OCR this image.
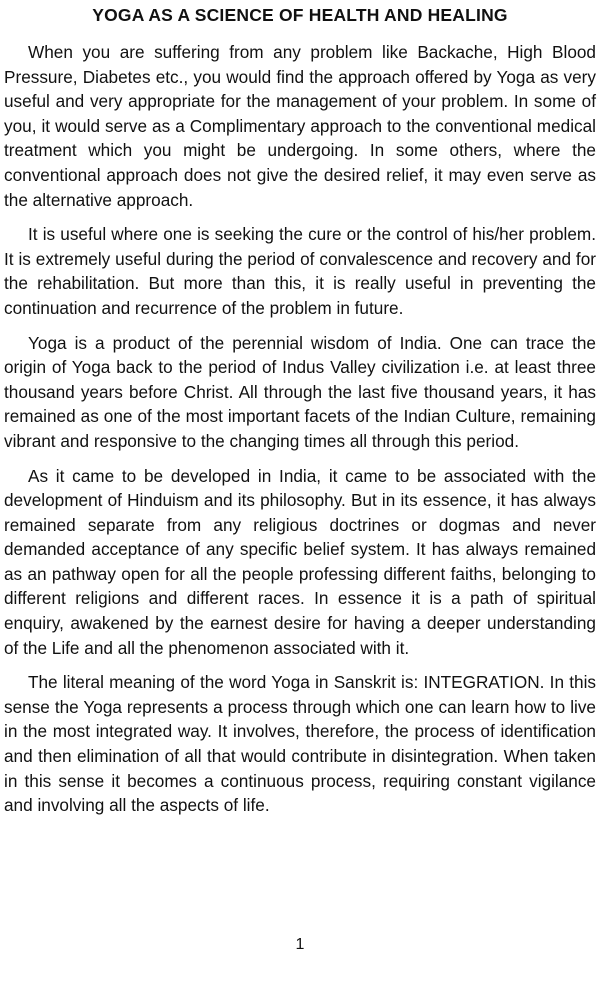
YOGA AS A SCIENCE OF HEALTH AND HEALING

When you are suffering from any problem like Backache, High Blood Pressure, Diabetes etc., you would find the approach offered by Yoga as very useful and very appropriate for the management of your problem. In some of you, it would serve as a Complimentary approach to the conventional medical treatment which you might be undergoing. In some others, where the conventional approach does not give the desired relief, it may even serve as the alternative approach.

It is useful where one is seeking the cure or the control of his/her problem. It is extremely useful during the period of convalescence and recovery and for the rehabilitation. But more than this, it is really useful in preventing the continuation and recurrence of the problem in future.

Yoga is a product of the perennial wisdom of India. One can trace the origin of Yoga back to the period of Indus Valley civilization i.e. at least three thousand years before Christ. All through the last five thousand years, it has remained as one of the most important facets of the Indian Culture, remaining vibrant and responsive to the changing times all through this period.

As it came to be developed in India, it came to be associated with the development of Hinduism and its philosophy. But in its essence, it has always remained separate from any religious doctrines or dogmas and never demanded acceptance of any specific belief system. It has always remained as an pathway open for all the people professing different faiths, belonging to different religions and different races. In essence it is a path of spiritual enquiry, awakened by the earnest desire for having a deeper understanding of the Life and all the phenomenon associated with it.

The literal meaning of the word Yoga in Sanskrit is: INTEGRATION. In this sense the Yoga represents a process through which one can learn how to live in the most integrated way. It involves, therefore, the process of identification and then elimination of all that would contribute in disintegration. When taken in this sense it becomes a continuous process, requiring constant vigilance and involving all the aspects of life.

1
